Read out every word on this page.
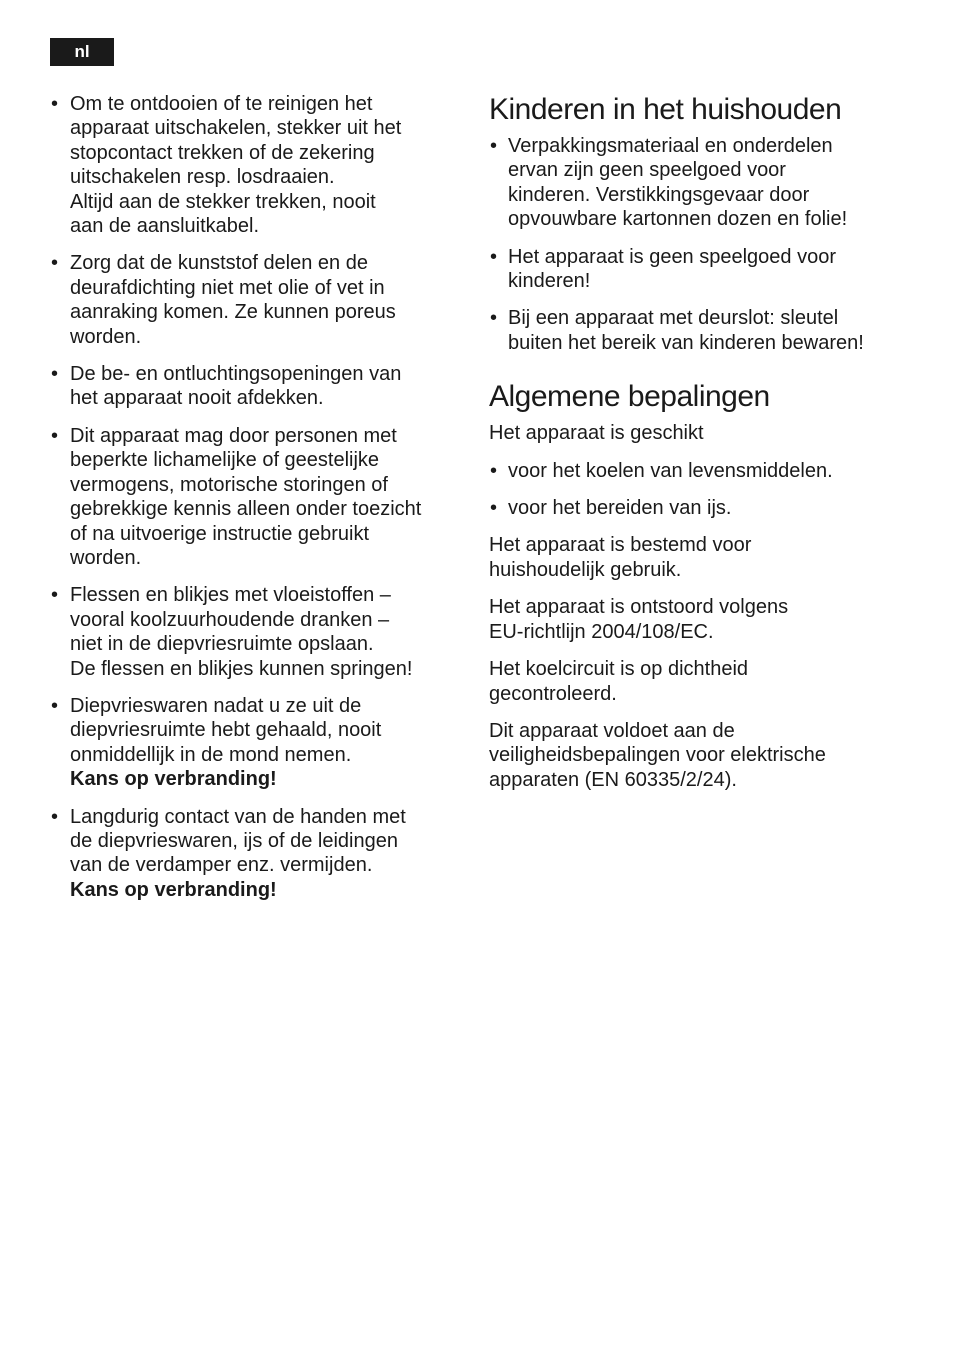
nl
• Om te ontdooien of te reinigen het
apparaat uitschakelen, stekker uit het
stopcontact trekken of de zekering
uitschakelen resp. losdraaien.
Altijd aan de stekker trekken, nooit
aan de aansluitkabel.
• Zorg dat de kunststof delen en de
deurafdichting niet met olie of vet in
aanraking komen. Ze kunnen poreus
worden.
• De be- en ontluchtingsopeningen van
het apparaat nooit afdekken.
• Dit apparaat mag door personen met
beperkte lichamelijke of geestelijke
vermogens, motorische storingen of
gebrekkige kennis alleen onder toezicht
of na uitvoerige instructie gebruikt
worden.
• Flessen en blikjes met vloeistoffen –
vooral koolzuurhoudende dranken –
niet in de diepvriesruimte opslaan.
De flessen en blikjes kunnen springen!
• Diepvrieswaren nadat u ze uit de
diepvriesruimte hebt gehaald, nooit
onmiddellijk in de mond nemen.
Kans op verbranding!
• Langdurig contact van de handen met
de diepvrieswaren, ijs of de leidingen
van de verdamper enz. vermijden.
Kans op verbranding!
Kinderen in het huishouden
• Verpakkingsmateriaal en onderdelen
ervan zijn geen speelgoed voor
kinderen. Verstikkingsgevaar door
opvouwbare kartonnen dozen en folie!
• Het apparaat is geen speelgoed voor
kinderen!
• Bij een apparaat met deurslot: sleutel
buiten het bereik van kinderen bewaren!
Algemene bepalingen

Het apparaat is geschikt

• voor het koelen van levensmiddelen.
• voor het bereiden van ijs.

Het apparaat is bestemd voor
huishoudelijk gebruik.

Het apparaat is ontstoord volgens
EU-richtlijn 2004/108/EC.

Het koelcircuit is op dichtheid
gecontroleerd.

Dit apparaat voldoet aan de
veiligheidsbepalingen voor elektrische
apparaten (EN 60335/2/24).
